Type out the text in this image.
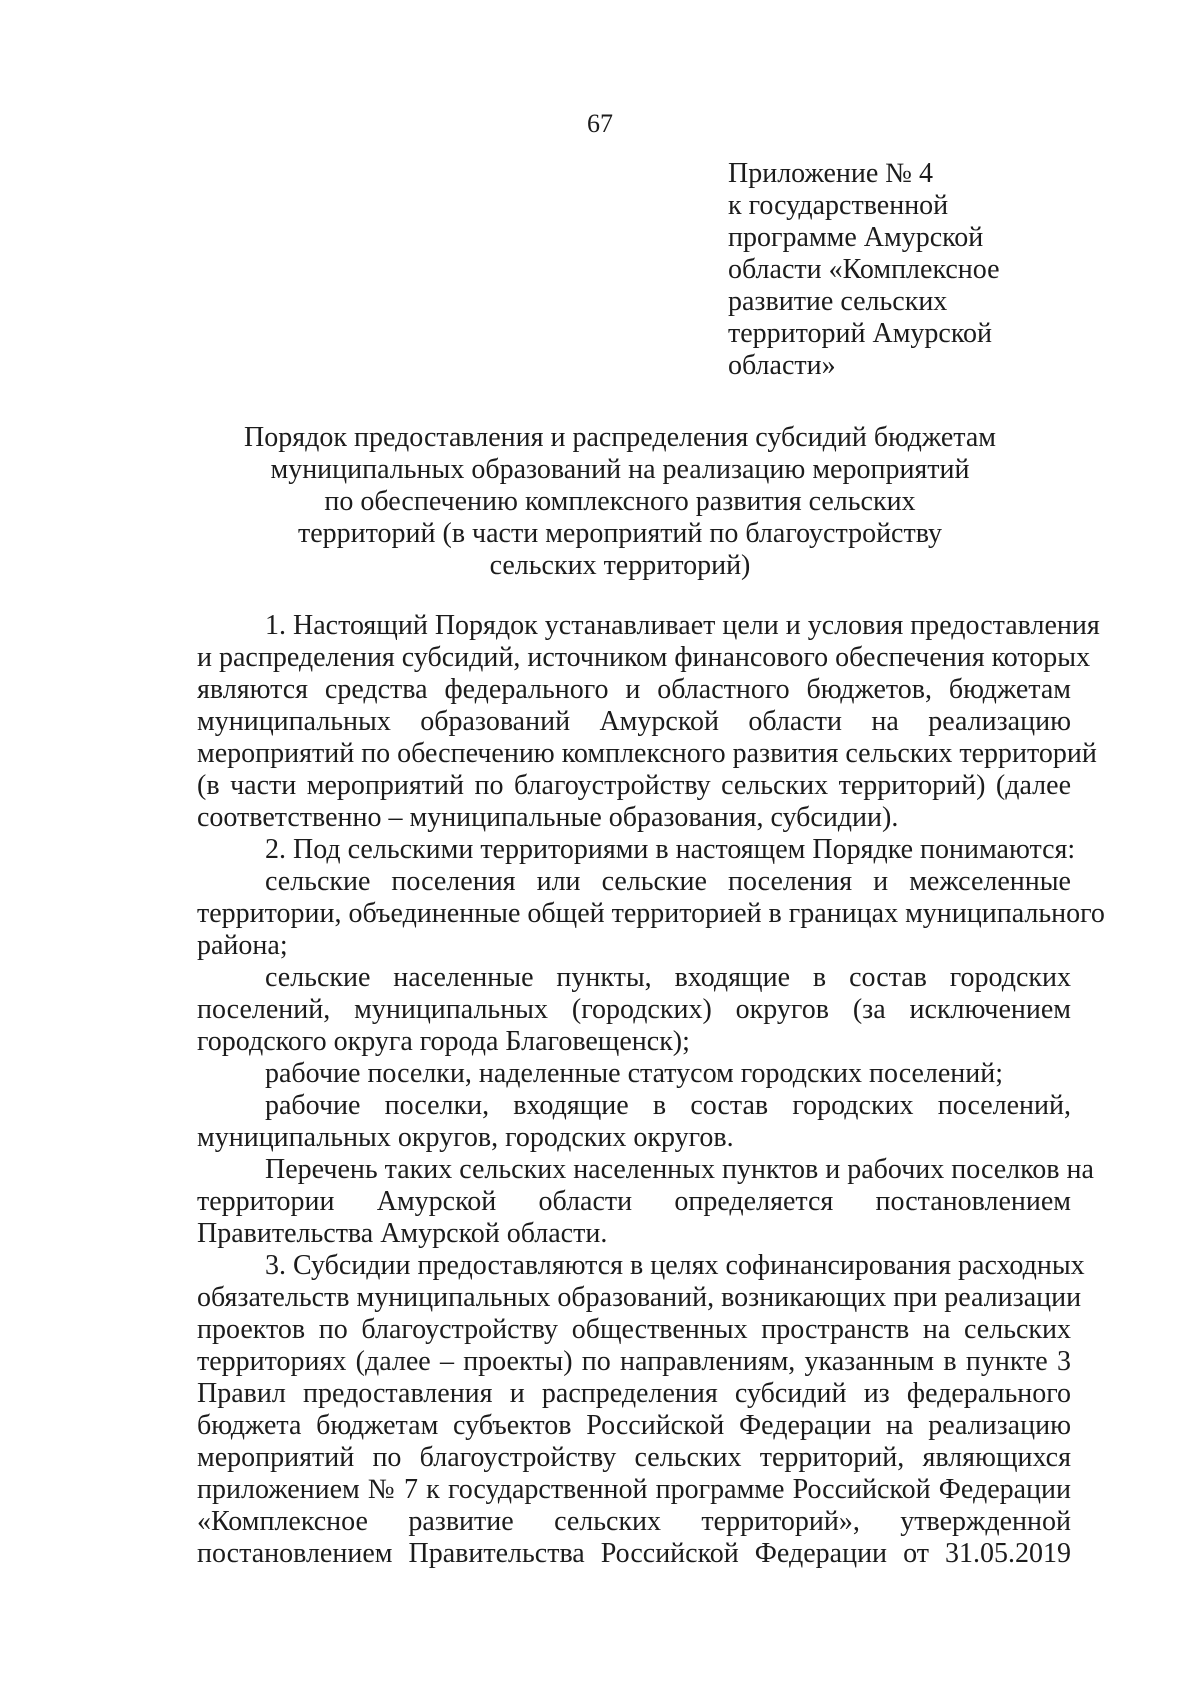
67
Приложение № 4
к государственной
программе Амурской
области «Комплексное
развитие сельских
территорий Амурской
области»
Порядок предоставления и распределения субсидий бюджетам
муниципальных образований на реализацию мероприятий
по обеспечению комплексного развития сельских
территорий (в части мероприятий по благоустройству
сельских территорий)
1. Настоящий Порядок устанавливает цели и условия предоставления
и распределения субсидий, источником финансового обеспечения которых
являются средства федерального и областного бюджетов, бюджетам
муниципальных образований Амурской области на реализацию
мероприятий по обеспечению комплексного развития сельских территорий
(в части мероприятий по благоустройству сельских территорий) (далее
соответственно – муниципальные образования, субсидии).
2. Под сельскими территориями в настоящем Порядке понимаются:
сельские поселения или сельские поселения и межселенные
территории, объединенные общей территорией в границах муниципального
района;
сельские населенные пункты, входящие в состав городских
поселений, муниципальных (городских) округов (за исключением
городского округа города Благовещенск);
рабочие поселки, наделенные статусом городских поселений;
рабочие поселки, входящие в состав городских поселений,
муниципальных округов, городских округов.
Перечень таких сельских населенных пунктов и рабочих поселков на
территории Амурской области определяется постановлением
Правительства Амурской области.
3. Субсидии предоставляются в целях софинансирования расходных
обязательств муниципальных образований, возникающих при реализации
проектов по благоустройству общественных пространств на сельских
территориях (далее – проекты) по направлениям, указанным в пункте 3
Правил предоставления и распределения субсидий из федерального
бюджета бюджетам субъектов Российской Федерации на реализацию
мероприятий по благоустройству сельских территорий, являющихся
приложением № 7 к государственной программе Российской Федерации
«Комплексное развитие сельских территорий», утвержденной
постановлением Правительства Российской Федерации от 31.05.2019
